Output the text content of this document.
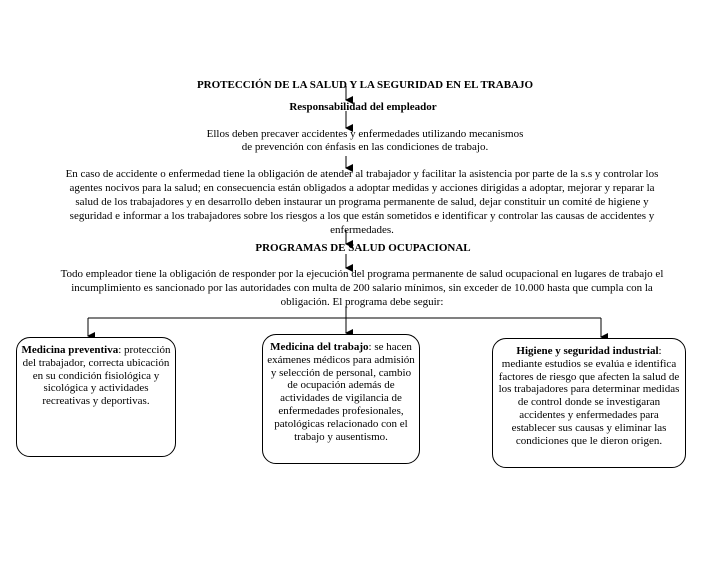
PROTECCIÓN DE LA SALUD Y LA SEGURIDAD EN EL TRABAJO
Responsabilidad del empleador
Ellos deben precaver accidentes y enfermedades utilizando mecanismos
de prevención con énfasis en las condiciones de trabajo.
En caso de accidente o enfermedad tiene la obligación de atender al trabajador y facilitar la asistencia por parte de la s.s y controlar los agentes nocivos para la salud; en consecuencia están obligados a adoptar medidas y acciones dirigidas a adoptar, mejorar y reparar la salud de los trabajadores y en desarrollo deben instaurar un programa permanente de salud, dejar constituir un comité de higiene y seguridad e informar a los trabajadores sobre los riesgos a los que están sometidos e identificar y controlar las causas de accidentes y enfermedades.
PROGRAMAS DE SALUD OCUPACIONAL
Todo empleador tiene la obligación de responder por la ejecución del programa permanente de salud ocupacional en lugares de trabajo el incumplimiento es sancionado por las autoridades con multa de 200 salario mínimos, sin exceder de 10.000 hasta que cumpla con la obligación. El programa debe seguir:
Medicina preventiva: protección del trabajador, correcta ubicación en su condición fisiológica y sicológica y actividades recreativas y deportivas.
Medicina del trabajo: se hacen exámenes médicos para admisión y selección de personal, cambio de ocupación además de actividades de vigilancia de enfermedades profesionales, patológicas relacionado con el trabajo y ausentismo.
Higiene y seguridad industrial: mediante estudios se evalúa e identifica factores de riesgo que afecten la salud de los trabajadores para determinar medidas de control donde se investigaran accidentes y enfermedades para establecer sus causas y eliminar las condiciones que le dieron origen.
